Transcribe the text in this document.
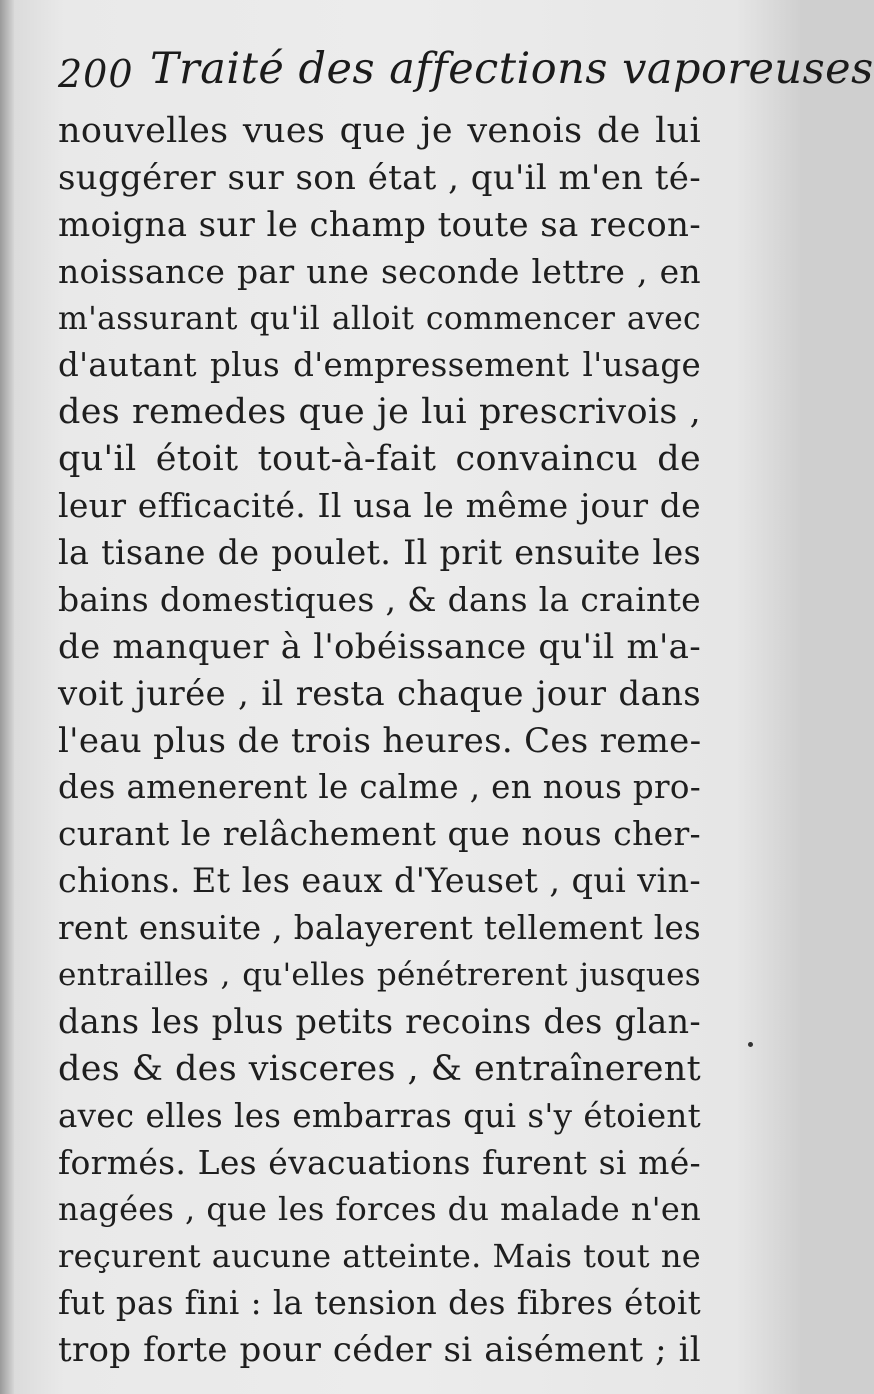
200 Traité des affections vaporeuses
nouvelles vues que je venois de lui
suggérer sur son état , qu'il m'en té-
moigna sur le champ toute sa recon-
noissance par une seconde lettre , en
m'assurant qu'il alloit commencer avec
d'autant plus d'empressement l'usage
des remedes que je lui prescrivois ,
qu'il étoit tout-à-fait convaincu de
leur efficacité. Il usa le même jour de
la tisane de poulet. Il prit ensuite les
bains domestiques , & dans la crainte
de manquer à l'obéissance qu'il m'a-
voit jurée , il resta chaque jour dans
l'eau plus de trois heures. Ces reme-
des amenerent le calme , en nous pro-
curant le relâchement que nous cher-
chions. Et les eaux d'Yeuset , qui vin-
rent ensuite , balayerent tellement les
entrailles , qu'elles pénétrerent jusques
dans les plus petits recoins des glan-
des & des visceres , & entraînerent
avec elles les embarras qui s'y étoient
formés. Les évacuations furent si mé-
nagées , que les forces du malade n'en
reçurent aucune atteinte. Mais tout ne
fut pas fini : la tension des fibres étoit
trop forte pour céder si aisément ; il
